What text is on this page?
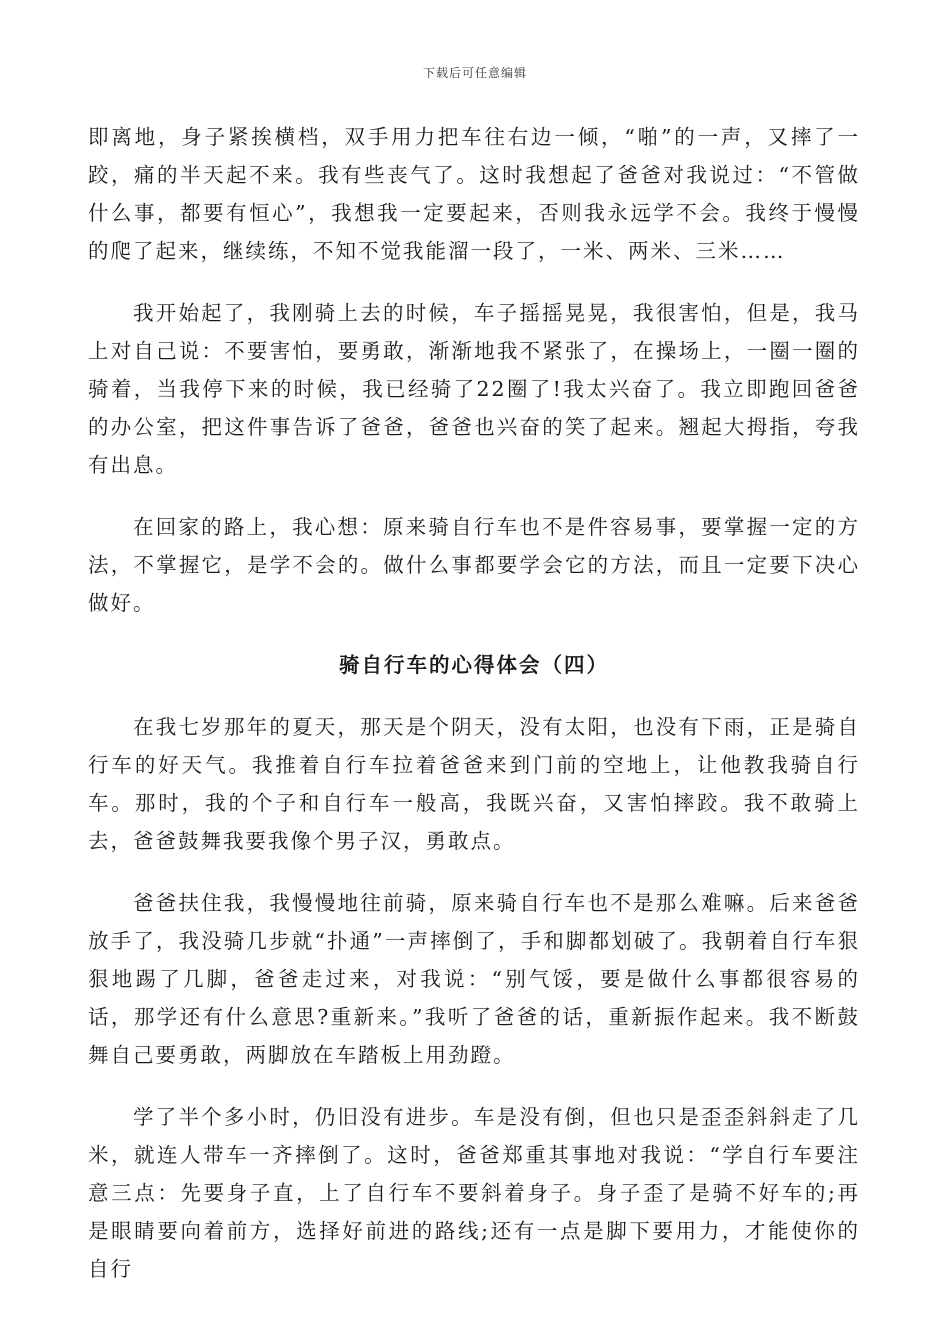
下载后可任意编辑

即离地，身子紧挨横档，双手用力把车往右边一倾，“啪”的一声，又摔了一跤，痛的半天起不来。我有些丧气了。这时我想起了爸爸对我说过：“不管做什么事，都要有恒心”，我想我一定要起来，否则我永远学不会。我终于慢慢的爬了起来，继续练，不知不觉我能溜一段了，一米、两米、三米……

我开始起了，我刚骑上去的时候，车子摇摇晃晃，我很害怕，但是，我马上对自己说：不要害怕，要勇敢，渐渐地我不紧张了，在操场上，一圈一圈的骑着，当我停下来的时候，我已经骑了22圈了!我太兴奋了。我立即跑回爸爸的办公室，把这件事告诉了爸爸，爸爸也兴奋的笑了起来。翘起大拇指，夸我有出息。

在回家的路上，我心想：原来骑自行车也不是件容易事，要掌握一定的方法，不掌握它，是学不会的。做什么事都要学会它的方法，而且一定要下决心做好。

骑自行车的心得体会（四）

在我七岁那年的夏天，那天是个阴天，没有太阳，也没有下雨，正是骑自行车的好天气。我推着自行车拉着爸爸来到门前的空地上，让他教我骑自行车。那时，我的个子和自行车一般高，我既兴奋，又害怕摔跤。我不敢骑上去，爸爸鼓舞我要我像个男子汉，勇敢点。

爸爸扶住我，我慢慢地往前骑，原来骑自行车也不是那么难嘛。后来爸爸放手了，我没骑几步就“扑通”一声摔倒了，手和脚都划破了。我朝着自行车狠狠地踢了几脚，爸爸走过来，对我说：“别气馁，要是做什么事都很容易的话，那学还有什么意思?重新来。”我听了爸爸的话，重新振作起来。我不断鼓舞自己要勇敢，两脚放在车踏板上用劲蹬。

学了半个多小时，仍旧没有进步。车是没有倒，但也只是歪歪斜斜走了几米，就连人带车一齐摔倒了。这时，爸爸郑重其事地对我说：“学自行车要注意三点：先要身子直，上了自行车不要斜着身子。身子歪了是骑不好车的;再是眼睛要向着前方，选择好前进的路线;还有一点是脚下要用力，才能使你的自行
